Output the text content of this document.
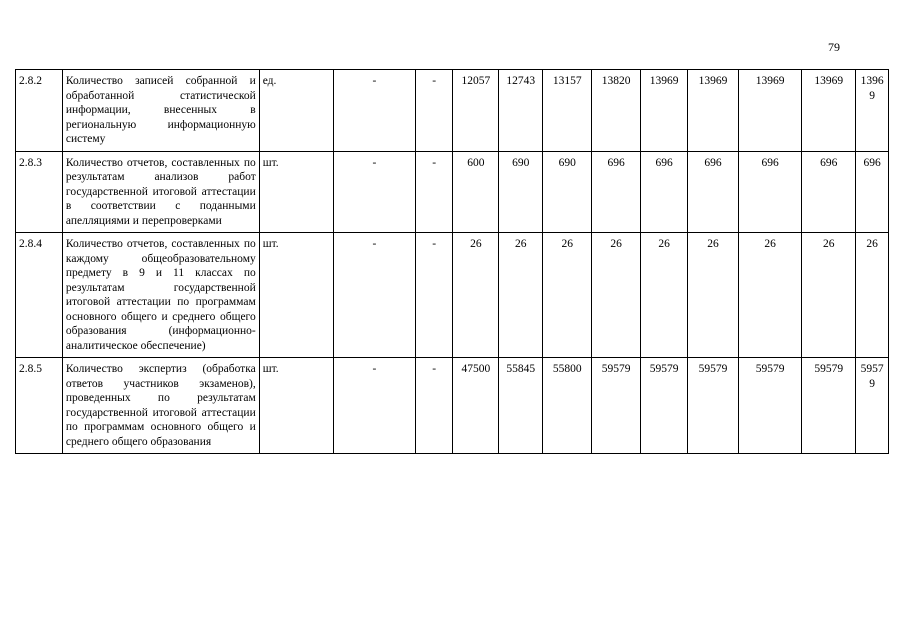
79
2.8.2	Количество записей собранной и обработанной статистической информации, внесенных в региональную информационную систему	ед.	-	-	12057	12743	13157	13820	13969	13969	13969	13969	13969
2.8.3	Количество отчетов, составленных по результатам анализов работ государственной итоговой аттестации в соответствии с поданными апелляциями и перепроверками	шт.	-	-	600	690	690	696	696	696	696	696	696
2.8.4	Количество отчетов, составленных по каждому общеобразовательному предмету в 9 и 11 классах по результатам государственной итоговой аттестации по программам основного общего и среднего общего образования (информационно-аналитическое обеспечение)	шт.	-	-	26	26	26	26	26	26	26	26	26
2.8.5	Количество экспертиз (обработка ответов участников экзаменов), проведенных по результатам государственной итоговой аттестации по программам основного общего и среднего общего образования	шт.	-	-	47500	55845	55800	59579	59579	59579	59579	59579	59579
